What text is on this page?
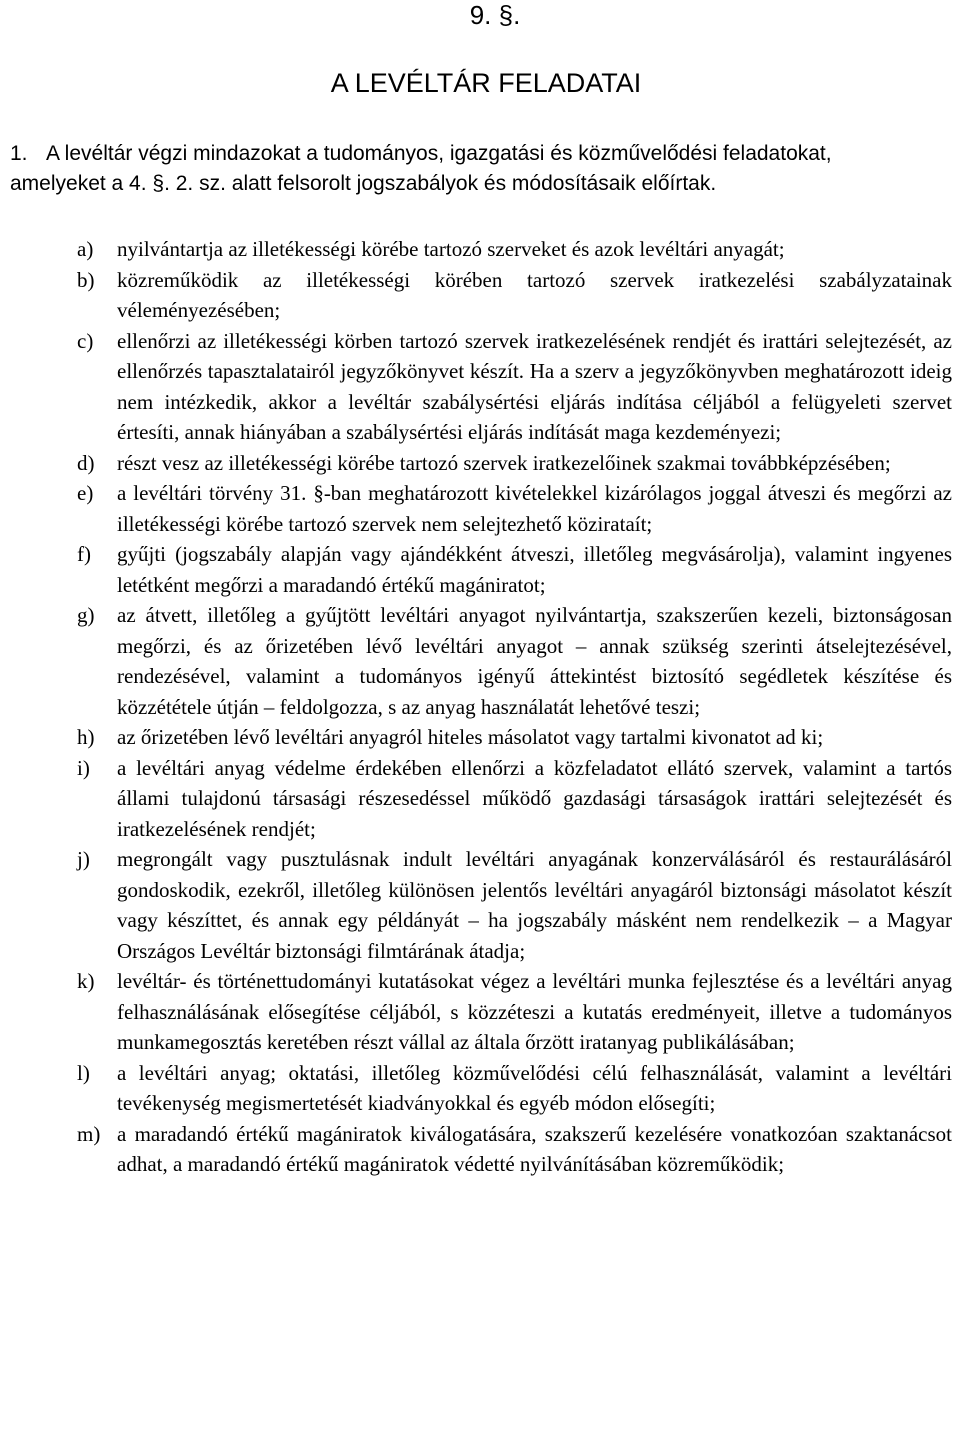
9. §.
A LEVÉLTÁR FELADATAI
1. A levéltár végzi mindazokat a tudományos, igazgatási és közművelődési feladatokat,
amelyeket a 4. §. 2. sz. alatt felsorolt jogszabályok és módosításaik előírtak.
a) nyilvántartja az illetékességi körébe tartozó szerveket és azok levéltári anyagát;
b) közreműködik az illetékességi körében tartozó szervek iratkezelési szabályzatainak véleményezésében;
c) ellenőrzi az illetékességi körben tartozó szervek iratkezelésének rendjét és irattári selejtezését, az ellenőrzés tapasztalatairól jegyzőkönyvet készít. Ha a szerv a jegyzőkönyvben meghatározott ideig nem intézkedik, akkor a levéltár szabálysértési eljárás indítása céljából a felügyeleti szervet értesíti, annak hiányában a szabálysértési eljárás indítását maga kezdeményezi;
d) részt vesz az illetékességi körébe tartozó szervek iratkezelőinek szakmai továbbképzésében;
e) a levéltári törvény 31. §-ban meghatározott kivételekkel kizárólagos joggal átveszi és megőrzi az illetékességi körébe tartozó szervek nem selejtezhető közirataít;
f) gyűjti (jogszabály alapján vagy ajándékként átveszi, illetőleg megvásárolja), valamint ingyenes letétként megőrzi a maradandó értékű magániratot;
g) az átvett, illetőleg a gyűjtött levéltári anyagot nyilvántartja, szakszerűen kezeli, biztonságosan megőrzi, és az őrizetében lévő levéltári anyagot – annak szükség szerinti átselejtezésével, rendezésével, valamint a tudományos igényű áttekintést biztosító segédletek készítése és közzététele útján – feldolgozza, s az anyag használatát lehetővé teszi;
h) az őrizetében lévő levéltári anyagról hiteles másolatot vagy tartalmi kivonatot ad ki;
i) a levéltári anyag védelme érdekében ellenőrzi a közfeladatot ellátó szervek, valamint a tartós állami tulajdonú társasági részesedéssel működő gazdasági társaságok irattári selejtezését és iratkezelésének rendjét;
j) megrongált vagy pusztulásnak indult levéltári anyagának konzerválásáról és restaurálásáról gondoskodik, ezekről, illetőleg különösen jelentős levéltári anyagáról biztonsági másolatot készít vagy készíttet, és annak egy példányát – ha jogszabály másként nem rendelkezik – a Magyar Országos Levéltár biztonsági filmtárának átadja;
k) levéltár- és történettudományi kutatásokat végez a levéltári munka fejlesztése és a levéltári anyag felhasználásának elősegítése céljából, s közzéteszi a kutatás eredményeit, illetve a tudományos munkamegosztás keretében részt vállal az általa őrzött iratanyag publikálásában;
l) a levéltári anyag; oktatási, illetőleg közművelődési célú felhasználását, valamint a levéltári tevékenység megismertetését kiadványokkal és egyéb módon elősegíti;
m) a maradandó értékű magániratok kiválogatására, szakszerű kezelésére vonatkozóan szaktanácsot adhat, a maradandó értékű magániratok védetté nyilvánításában közreműködik;
